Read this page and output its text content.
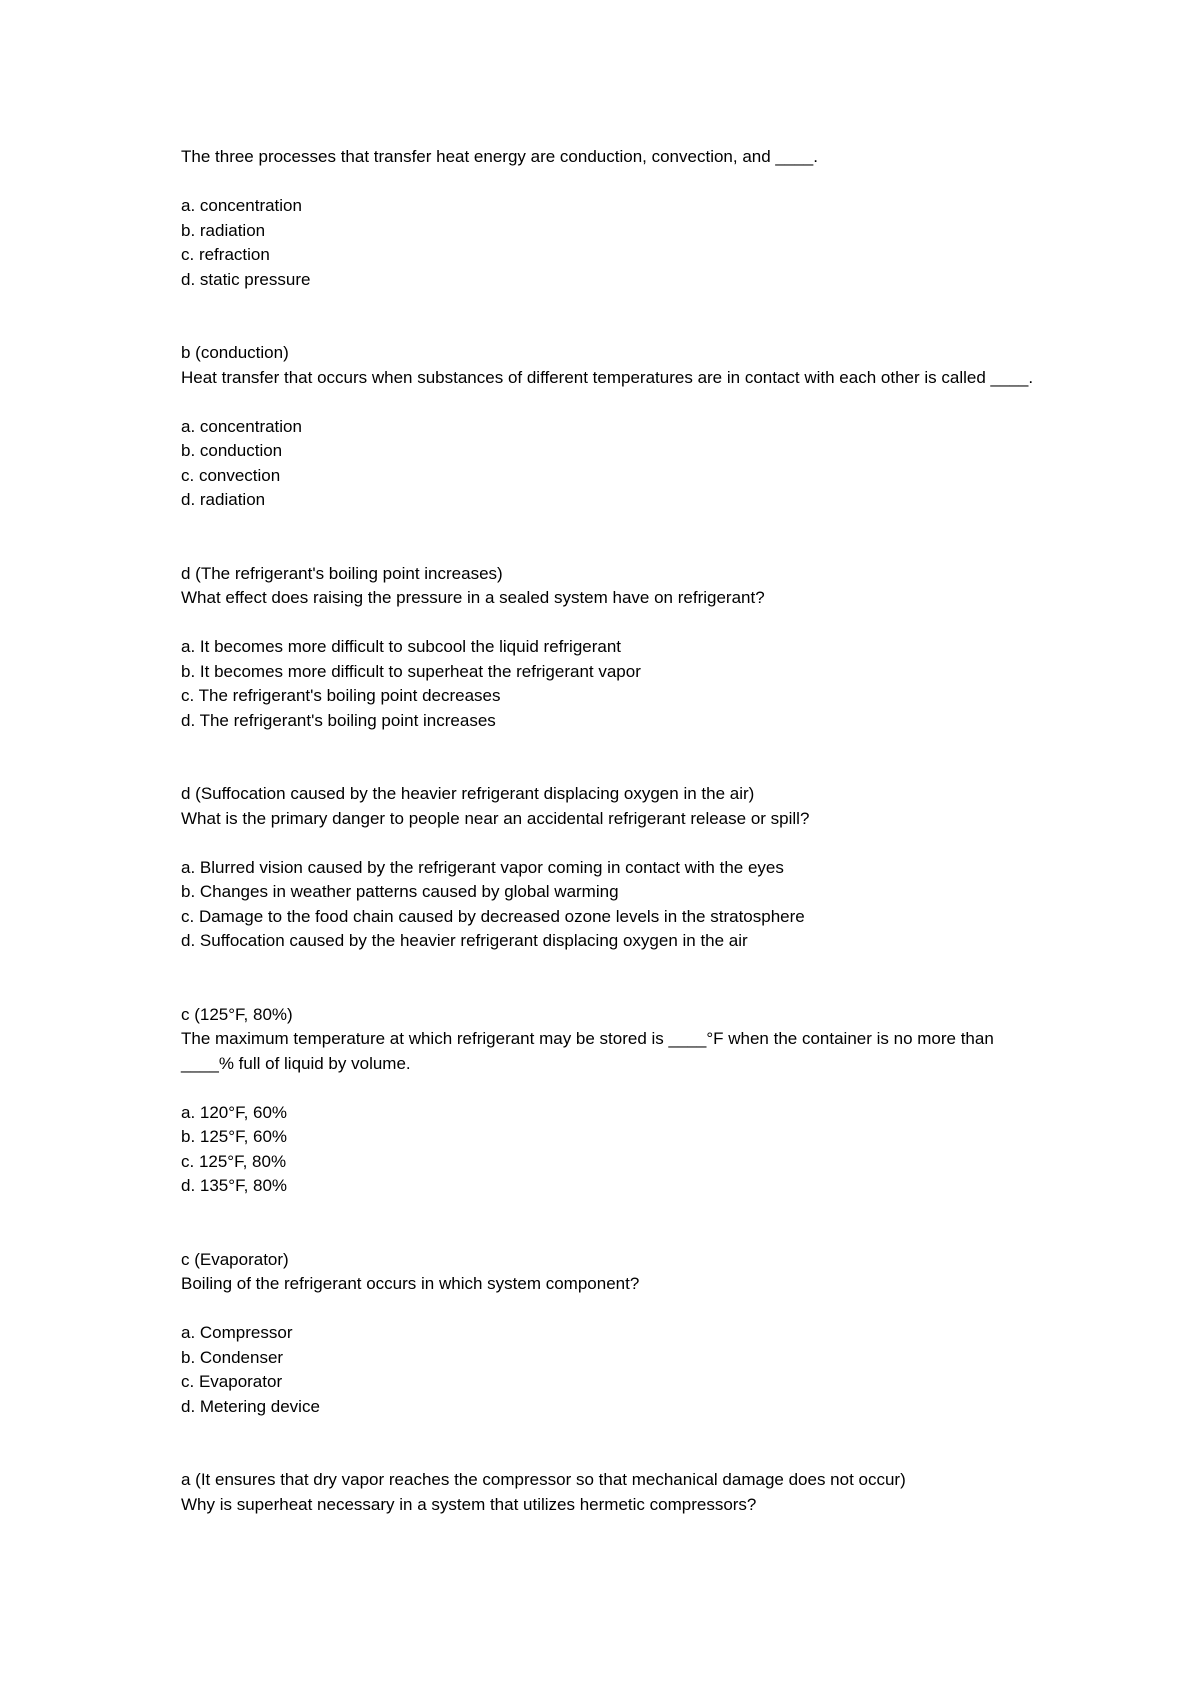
The three processes that transfer heat energy are conduction, convection, and ____.

a. concentration

b. radiation

c. refraction

d. static pressure

b (conduction)

Heat transfer that occurs when substances of different temperatures are in contact with each other is called ____.

a. concentration

b. conduction

c. convection

d. radiation

d (The refrigerant's boiling point increases)

What effect does raising the pressure in a sealed system have on refrigerant?

a. It becomes more difficult to subcool the liquid refrigerant

b. It becomes more difficult to superheat the refrigerant vapor

c. The refrigerant's boiling point decreases

d. The refrigerant's boiling point increases

d (Suffocation caused by the heavier refrigerant displacing oxygen in the air)

What is the primary danger to people near an accidental refrigerant release or spill?

a. Blurred vision caused by the refrigerant vapor coming in contact with the eyes

b. Changes in weather patterns caused by global warming

c. Damage to the food chain caused by decreased ozone levels in the stratosphere

d. Suffocation caused by the heavier refrigerant displacing oxygen in the air

c (125°F, 80%)

The maximum temperature at which refrigerant may be stored is ____°F when the container is no more than ____% full of liquid by volume.

a. 120°F, 60%

b. 125°F, 60%

c. 125°F, 80%

d. 135°F, 80%

c (Evaporator)

Boiling of the refrigerant occurs in which system component?

a. Compressor

b. Condenser

c. Evaporator

d. Metering device

a (It ensures that dry vapor reaches the compressor so that mechanical damage does not occur)

Why is superheat necessary in a system that utilizes hermetic compressors?
